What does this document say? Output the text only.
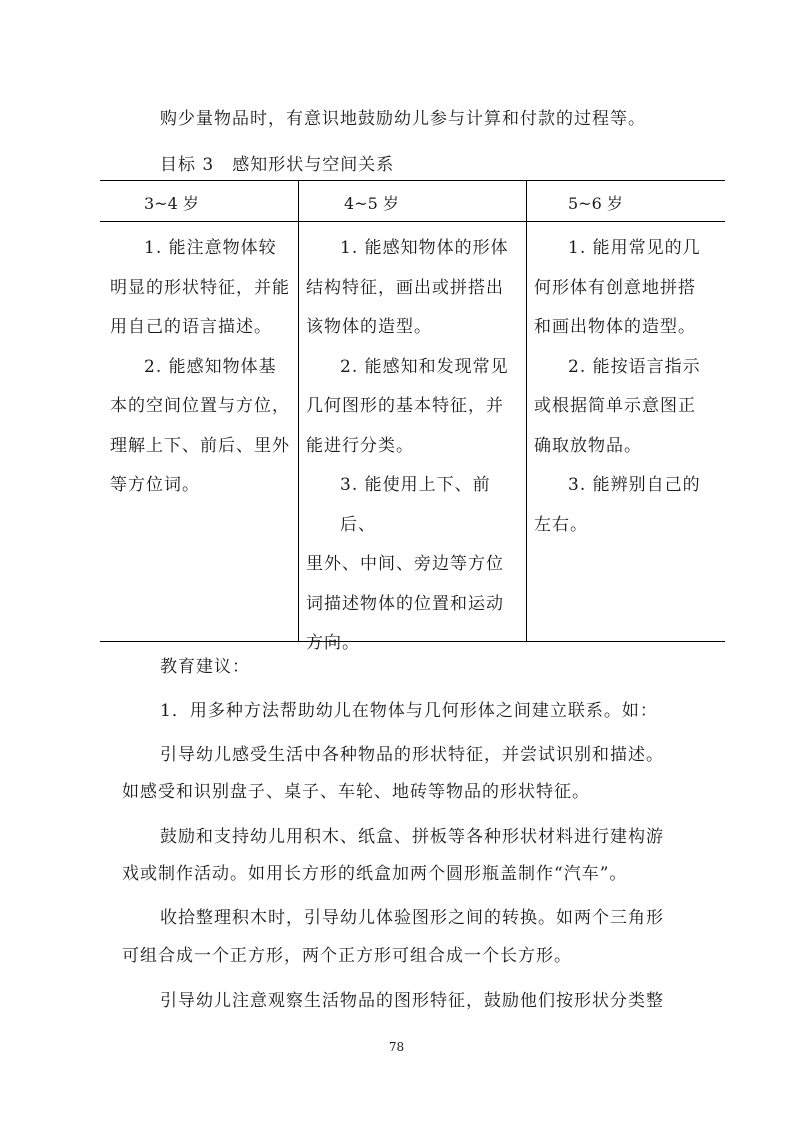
购少量物品时，有意识地鼓励幼儿参与计算和付款的过程等。
目标 3　感知形状与空间关系
3~4 岁	4~5 岁	5~6 岁

1. 能注意物体较

明显的形状特征，并能

用自己的语言描述。

2. 能感知物体基

本的空间位置与方位，

理解上下、前后、里外

等方位词。

1. 能感知物体的形体

结构特征，画出或拼搭出

该物体的造型。

2. 能感知和发现常见

几何图形的基本特征，并

能进行分类。

3. 能使用上下、前后、

里外、中间、旁边等方位

词描述物体的位置和运动

方向。

1. 能用常见的几

何形体有创意地拼搭

和画出物体的造型。

2. 能按语言指示

或根据简单示意图正

确取放物品。

3. 能辨别自己的

左右。

教育建议：
1．用多种方法帮助幼儿在物体与几何形体之间建立联系。如：
引导幼儿感受生活中各种物品的形状特征，并尝试识别和描述。
如感受和识别盘子、桌子、车轮、地砖等物品的形状特征。
鼓励和支持幼儿用积木、纸盒、拼板等各种形状材料进行建构游
戏或制作活动。如用长方形的纸盒加两个圆形瓶盖制作“汽车”。
收拾整理积木时，引导幼儿体验图形之间的转换。如两个三角形
可组合成一个正方形，两个正方形可组合成一个长方形。
引导幼儿注意观察生活物品的图形特征，鼓励他们按形状分类整
78
